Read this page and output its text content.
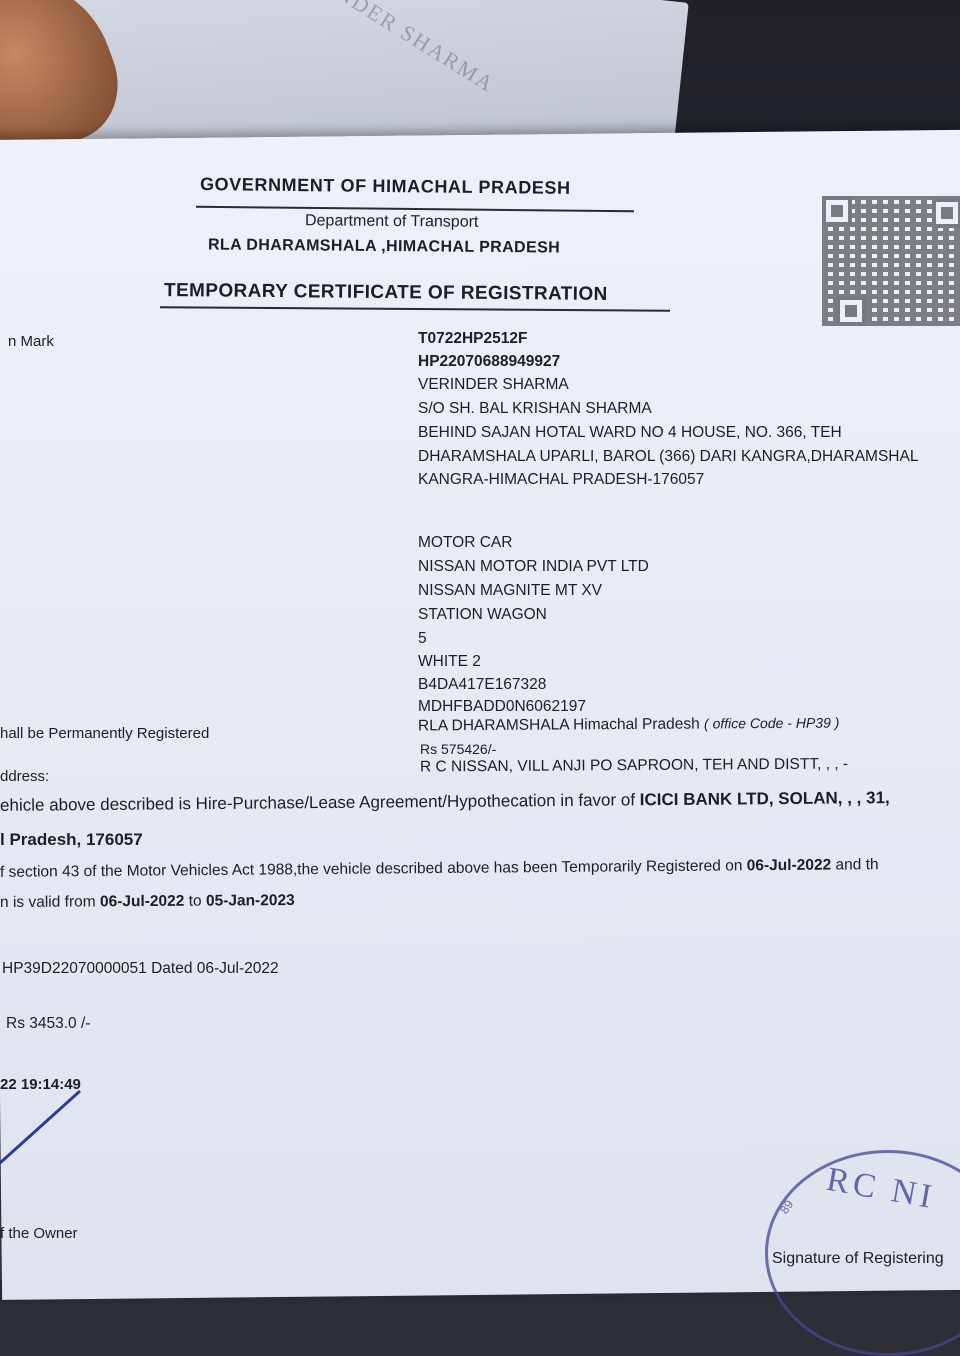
GOVERNMENT OF HIMACHAL PRADESH
Department of Transport
RLA DHARAMSHALA ,HIMACHAL PRADESH
TEMPORARY CERTIFICATE OF REGISTRATION
n Mark
hall be Permanently Registered
ddress:
T0722HP2512F
HP22070688949927
VERINDER SHARMA
S/O SH. BAL KRISHAN SHARMA
BEHIND SAJAN HOTAL WARD NO 4 HOUSE, NO. 366, TEH
DHARAMSHALA UPARLI, BAROL (366) DARI KANGRA,DHARAMSHAL
KANGRA-HIMACHAL PRADESH-176057
MOTOR CAR
NISSAN MOTOR INDIA PVT LTD
NISSAN MAGNITE MT XV
STATION WAGON
5
WHITE 2
B4DA417E167328
MDHFBADD0N6062197
RLA DHARAMSHALA Himachal Pradesh ( office Code - HP39 )
Rs 575426/-
R C NISSAN, VILL ANJI PO SAPROON, TEH AND DISTT, , , -
ehicle above described is Hire-Purchase/Lease Agreement/Hypothecation in favor of ICICI BANK LTD, SOLAN, , , 31,
l Pradesh, 176057
f section 43 of the Motor Vehicles Act 1988,the vehicle described above has been Temporarily Registered on 06-Jul-2022 and th
n is valid from 06-Jul-2022 to 05-Jan-2023
HP39D22070000051 Dated 06-Jul-2022
Rs 3453.0 /-
22 19:14:49
f the Owner
RC NI
89
Signature of Registering
